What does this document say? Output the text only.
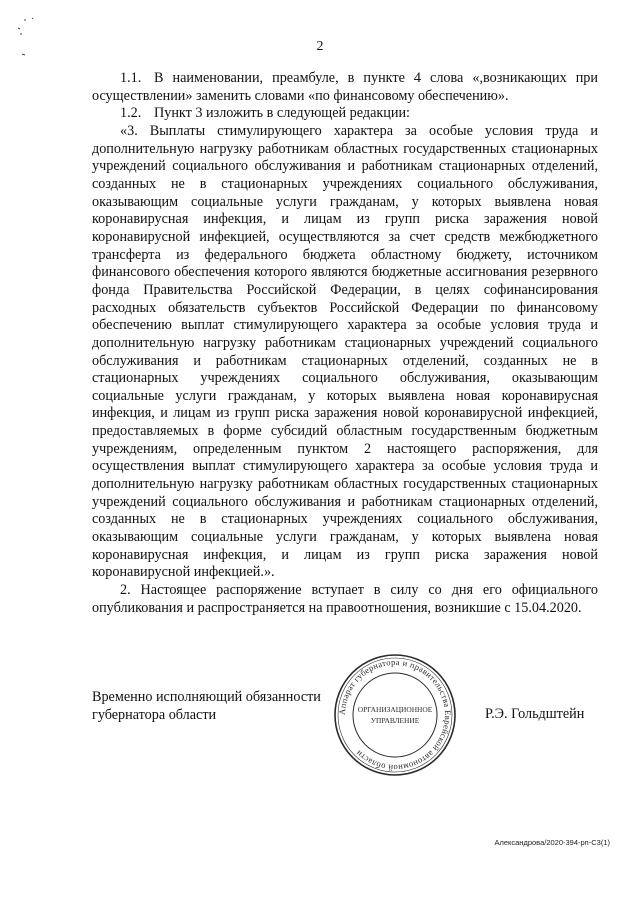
2

1.1. В наименовании, преамбуле, в пункте 4 слова «,возникающих при осуществлении» заменить словами «по финансовому обеспечению».

1.2. Пункт 3 изложить в следующей редакции:

«3. Выплаты стимулирующего характера за особые условия труда и дополнительную нагрузку работникам областных государственных стационарных учреждений социального обслуживания и работникам стационарных отделений, созданных не в стационарных учреждениях социального обслуживания, оказывающим социальные услуги гражданам, у которых выявлена новая коронавирусная инфекция, и лицам из групп риска заражения новой коронавирусной инфекцией, осуществляются за счет средств межбюджетного трансферта из федерального бюджета областному бюджету, источником финансового обеспечения которого являются бюджетные ассигнования резервного фонда Правительства Российской Федерации, в целях софинансирования расходных обязательств субъектов Российской Федерации по финансовому обеспечению выплат стимулирующего характера за особые условия труда и дополнительную нагрузку работникам стационарных учреждений социального обслуживания и работникам стационарных отделений, созданных не в стационарных учреждениях социального обслуживания, оказывающим социальные услуги гражданам, у которых выявлена новая коронавирусная инфекция, и лицам из групп риска заражения новой коронавирусной инфекцией, предоставляемых в форме субсидий областным государственным бюджетным учреждениям, определенным пунктом 2 настоящего распоряжения, для осуществления выплат стимулирующего характера за особые условия труда и дополнительную нагрузку работникам областных государственных стационарных учреждений социального обслуживания и работникам стационарных отделений, созданных не в стационарных учреждениях социального обслуживания, оказывающим социальные услуги гражданам, у которых выявлена новая коронавирусная инфекция, и лицам из групп риска заражения новой коронавирусной инфекцией.».

2. Настоящее распоряжение вступает в силу со дня его официального опубликования и распространяется на правоотношения, возникшие с 15.04.2020.

Временно исполняющий обязанности
губернатора области	Аппарат губернатора и правительства Еврейской автономной области
ОРГАНИЗАЦИОННОЕ
УПРАВЛЕНИЕ	Р.Э. Гольдштейн
Александрова/2020-394-рп-С3(1)
